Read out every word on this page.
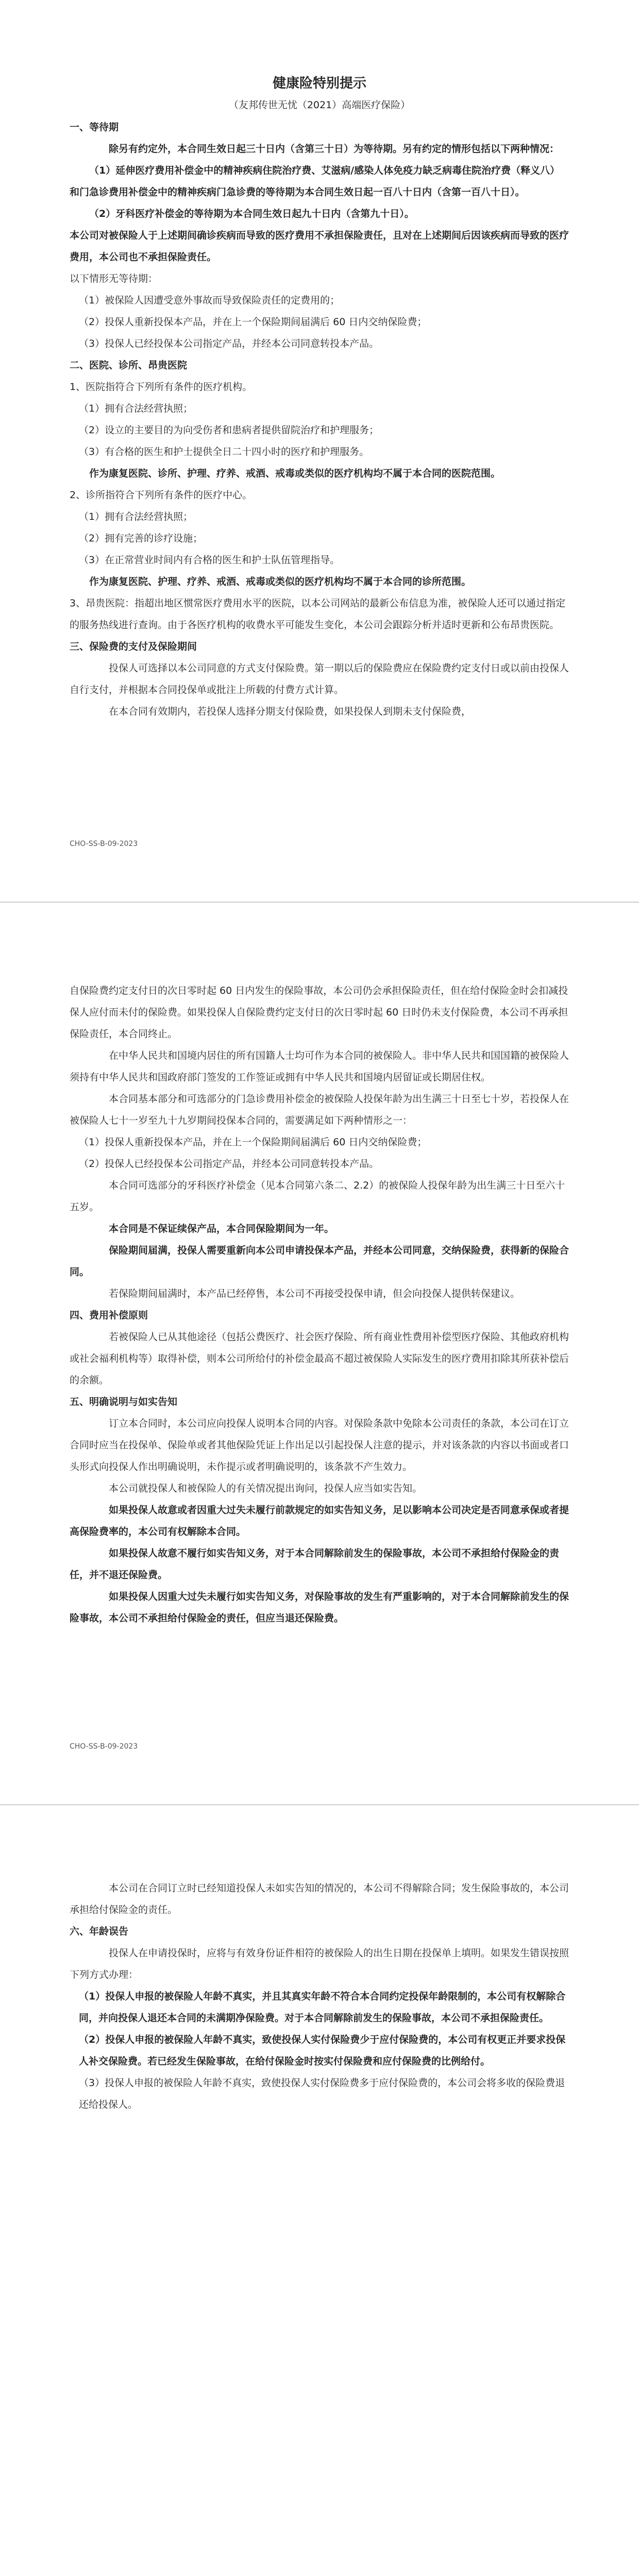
健康险特别提示

（友邦传世无忧（2021）高端医疗保险）

一、等待期

除另有约定外，本合同生效日起三十日内（含第三十日）为等待期。另有约定的情形包括以下两种情况：

（1）延伸医疗费用补偿金中的精神疾病住院治疗费、艾滋病/感染人体免疫力缺乏病毒住院治疗费（释义八）和门急诊费用补偿金中的精神疾病门急诊费的等待期为本合同生效日起一百八十日内（含第一百八十日）。

（2）牙科医疗补偿金的等待期为本合同生效日起九十日内（含第九十日）。

本公司对被保险人于上述期间确诊疾病而导致的医疗费用不承担保险责任，且对在上述期间后因该疾病而导致的医疗费用，本公司也不承担保险责任。

以下情形无等待期：

（1）被保险人因遭受意外事故而导致保险责任的定费用的；

（2）投保人重新投保本产品，并在上一个保险期间届满后 60 日内交纳保险费；

（3）投保人已经投保本公司指定产品，并经本公司同意转投本产品。

二、医院、诊所、昂贵医院

1、医院指符合下列所有条件的医疗机构。

（1）拥有合法经营执照；

（2）设立的主要目的为向受伤者和患病者提供留院治疗和护理服务；

（3）有合格的医生和护士提供全日二十四小时的医疗和护理服务。

作为康复医院、诊所、护理、疗养、戒酒、戒毒或类似的医疗机构均不属于本合同的医院范围。

2、诊所指符合下列所有条件的医疗中心。

（1）拥有合法经营执照；

（2）拥有完善的诊疗设施；

（3）在正常营业时间内有合格的医生和护士队伍管理指导。

作为康复医院、护理、疗养、戒酒、戒毒或类似的医疗机构均不属于本合同的诊所范围。

3、昂贵医院：指超出地区惯常医疗费用水平的医院，以本公司网站的最新公布信息为准，被保险人还可以通过指定的服务热线进行查询。由于各医疗机构的收费水平可能发生变化，本公司会跟踪分析并适时更新和公布昂贵医院。

三、保险费的支付及保险期间

投保人可选择以本公司同意的方式支付保险费。第一期以后的保险费应在保险费约定支付日或以前由投保人自行支付，并根据本合同投保单或批注上所载的付费方式计算。

在本合同有效期内，若投保人选择分期支付保险费，如果投保人到期未支付保险费，

CHO-SS-B-09-2023

自保险费约定支付日的次日零时起 60 日内发生的保险事故，本公司仍会承担保险责任，但在给付保险金时会扣减投保人应付而未付的保险费。如果投保人自保险费约定支付日的次日零时起 60 日时仍未支付保险费，本公司不再承担保险责任，本合同终止。

在中华人民共和国境内居住的所有国籍人士均可作为本合同的被保险人。非中华人民共和国国籍的被保险人须持有中华人民共和国政府部门签发的工作签证或拥有中华人民共和国境内居留证或长期居住权。

本合同基本部分和可选部分的门急诊费用补偿金的被保险人投保年龄为出生满三十日至七十岁，若投保人在被保险人七十一岁至九十九岁期间投保本合同的，需要满足如下两种情形之一：

（1）投保人重新投保本产品，并在上一个保险期间届满后 60 日内交纳保险费；

（2）投保人已经投保本公司指定产品，并经本公司同意转投本产品。

本合同可选部分的牙科医疗补偿金（见本合同第六条二、2.2）的被保险人投保年龄为出生满三十日至六十五岁。

本合同是不保证续保产品，本合同保险期间为一年。

保险期间届满，投保人需要重新向本公司申请投保本产品，并经本公司同意，交纳保险费，获得新的保险合同。

若保险期间届满时，本产品已经停售，本公司不再接受投保申请，但会向投保人提供转保建议。

四、费用补偿原则

若被保险人已从其他途径（包括公费医疗、社会医疗保险、所有商业性费用补偿型医疗保险、其他政府机构或社会福利机构等）取得补偿，则本公司所给付的补偿金最高不超过被保险人实际发生的医疗费用扣除其所获补偿后的余额。

五、明确说明与如实告知

订立本合同时，本公司应向投保人说明本合同的内容。对保险条款中免除本公司责任的条款，本公司在订立合同时应当在投保单、保险单或者其他保险凭证上作出足以引起投保人注意的提示，并对该条款的内容以书面或者口头形式向投保人作出明确说明，未作提示或者明确说明的，该条款不产生效力。

本公司就投保人和被保险人的有关情况提出询问，投保人应当如实告知。

如果投保人故意或者因重大过失未履行前款规定的如实告知义务，足以影响本公司决定是否同意承保或者提高保险费率的，本公司有权解除本合同。

如果投保人故意不履行如实告知义务，对于本合同解除前发生的保险事故，本公司不承担给付保险金的责任，并不退还保险费。

如果投保人因重大过失未履行如实告知义务，对保险事故的发生有严重影响的，对于本合同解除前发生的保险事故，本公司不承担给付保险金的责任，但应当退还保险费。

CHO-SS-B-09-2023

本公司在合同订立时已经知道投保人未如实告知的情况的，本公司不得解除合同；发生保险事故的，本公司承担给付保险金的责任。

六、年龄误告

投保人在申请投保时，应将与有效身份证件相符的被保险人的出生日期在投保单上填明。如果发生错误按照下列方式办理：

（1）投保人申报的被保险人年龄不真实，并且其真实年龄不符合本合同约定投保年龄限制的，本公司有权解除合同，并向投保人退还本合同的未满期净保险费。对于本合同解除前发生的保险事故，本公司不承担保险责任。

（2）投保人申报的被保险人年龄不真实，致使投保人实付保险费少于应付保险费的，本公司有权更正并要求投保人补交保险费。若已经发生保险事故，在给付保险金时按实付保险费和应付保险费的比例给付。

（3）投保人申报的被保险人年龄不真实，致使投保人实付保险费多于应付保险费的，本公司会将多收的保险费退还给投保人。
